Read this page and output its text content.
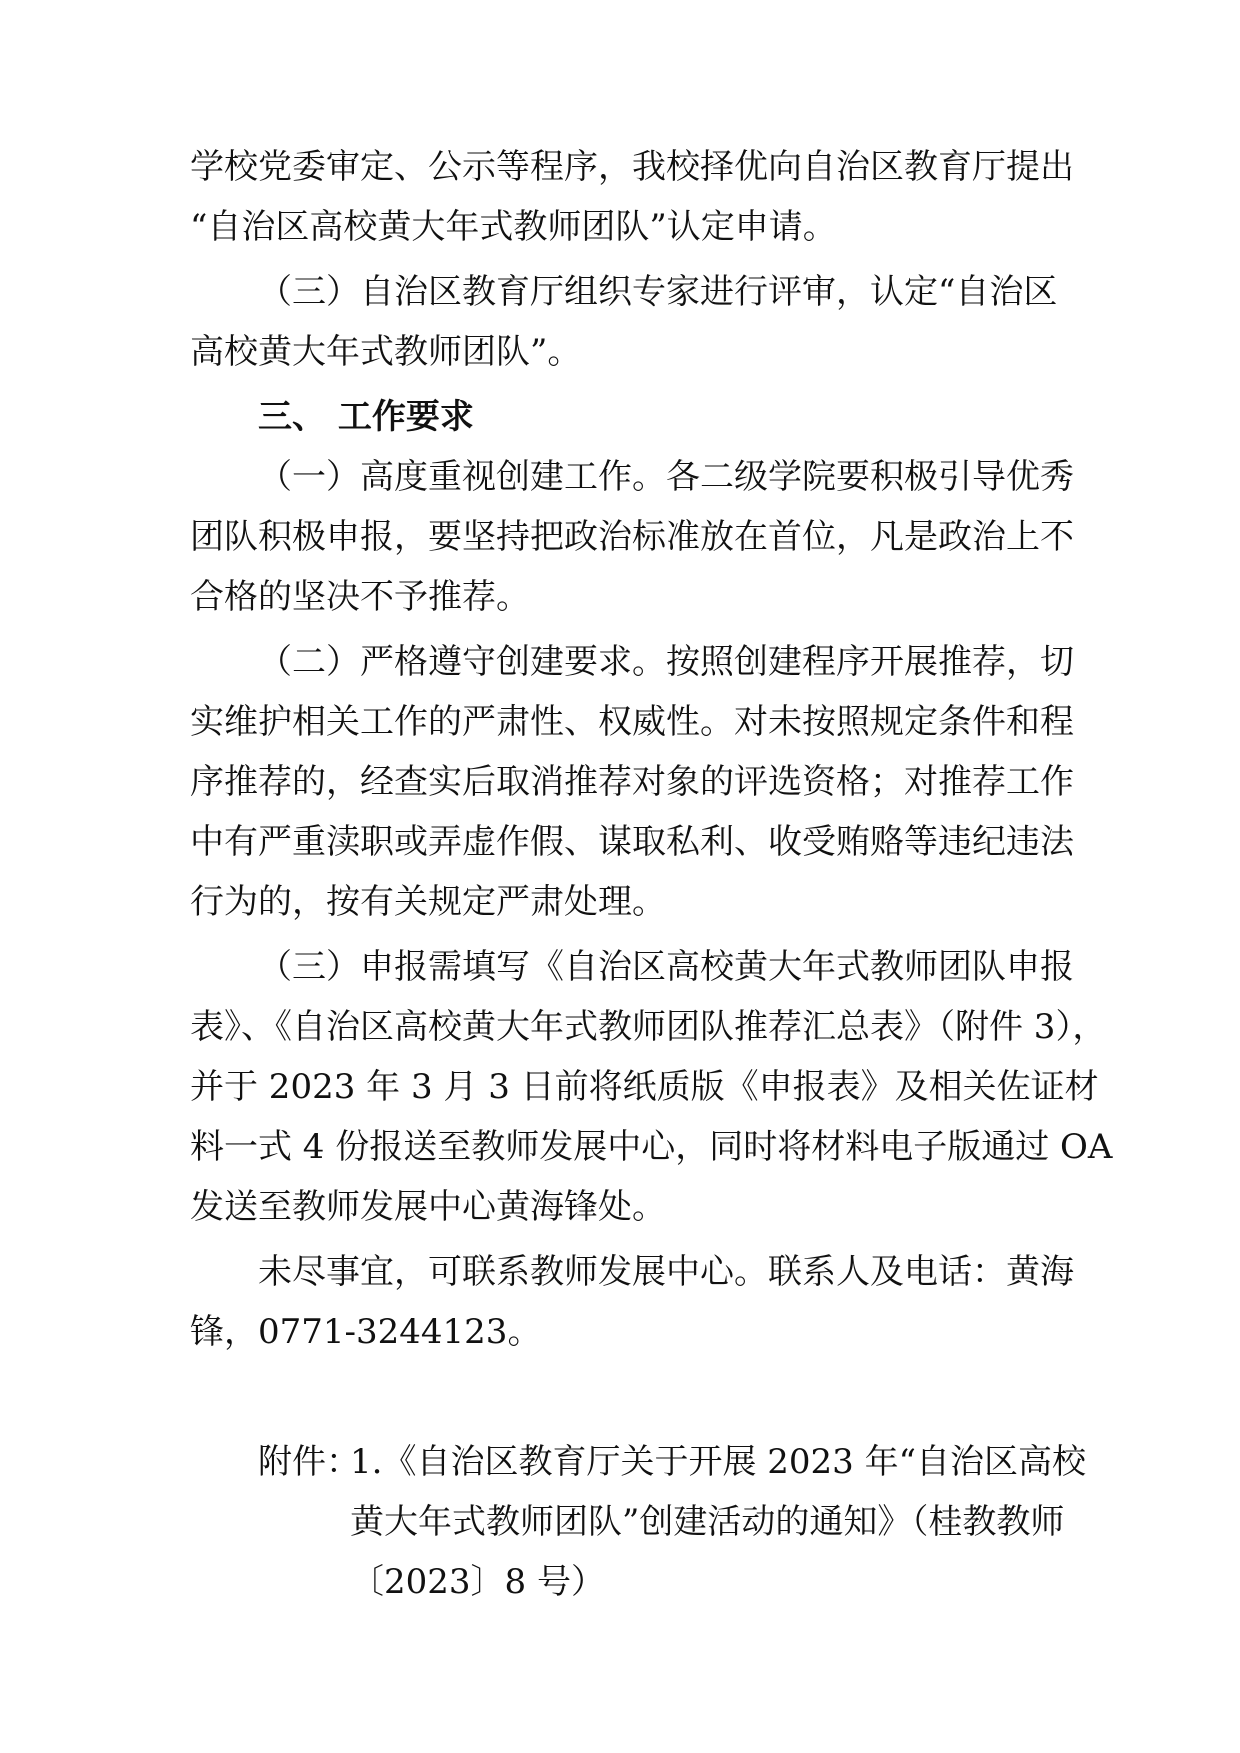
学校党委审定、公示等程序，我校择优向自治区教育厅提出
“自治区高校黄大年式教师团队”认定申请。
（三）自治区教育厅组织专家进行评审，认定“自治区
高校黄大年式教师团队”。
三、 工作要求
（一）高度重视创建工作。各二级学院要积极引导优秀
团队积极申报，要坚持把政治标准放在首位，凡是政治上不
合格的坚决不予推荐。
（二）严格遵守创建要求。按照创建程序开展推荐，切
实维护相关工作的严肃性、权威性。对未按照规定条件和程
序推荐的，经查实后取消推荐对象的评选资格；对推荐工作
中有严重渎职或弄虚作假、谋取私利、收受贿赂等违纪违法
行为的，按有关规定严肃处理。
（三）申报需填写《自治区高校黄大年式教师团队申报
表》、《自治区高校黄大年式教师团队推荐汇总表》（附件 3），
并于 2023 年 3 月 3 日前将纸质版《申报表》及相关佐证材
料一式 4 份报送至教师发展中心，同时将材料电子版通过 OA
发送至教师发展中心黄海锋处。
未尽事宜，可联系教师发展中心。联系人及电话：黄海
锋，0771-3244123。
附件：
1.《自治区教育厅关于开展 2023 年“自治区高校
黄大年式教师团队”创建活动的通知》（桂教教师
〔2023〕8 号）
